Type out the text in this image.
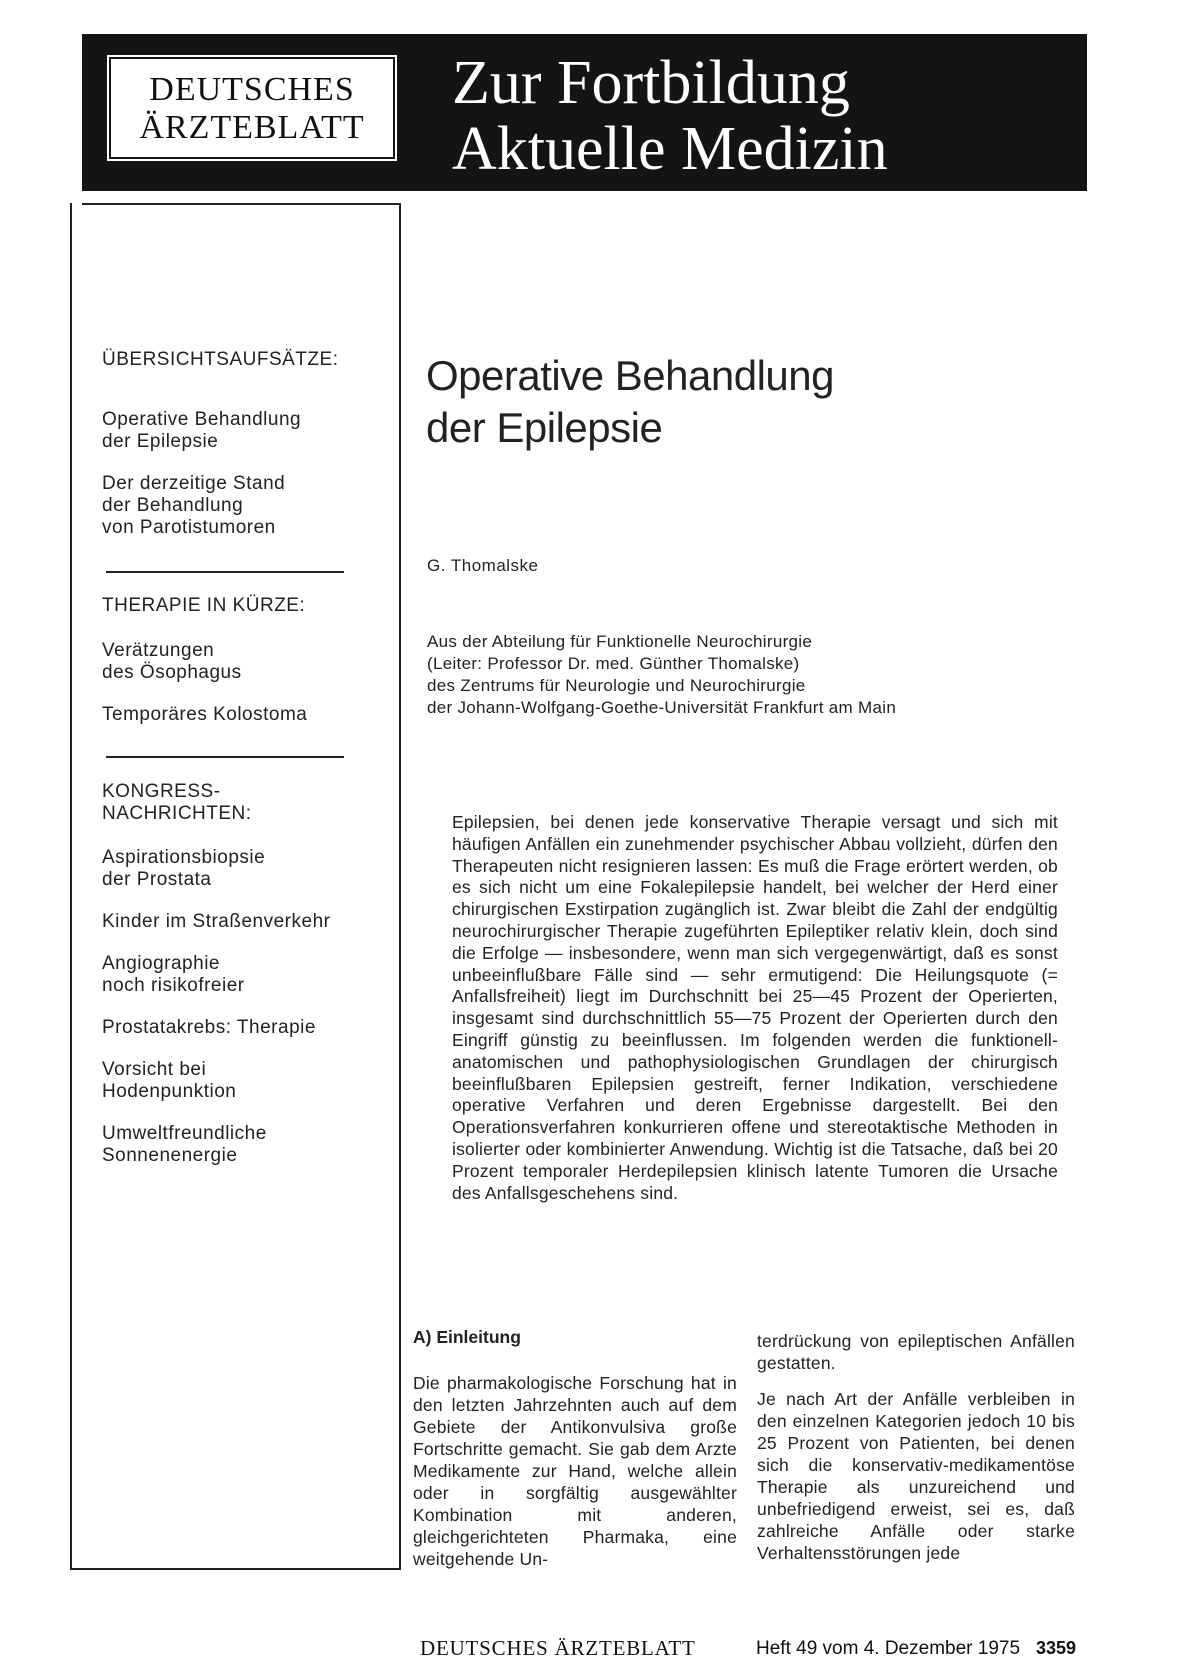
DEUTSCHES
ÄRZTEBLATT
Zur Fortbildung
Aktuelle Medizin
ÜBERSICHTSAUFSÄTZE:
Operative Behandlung
der Epilepsie
Der derzeitige Stand
der Behandlung
von Parotistumoren
THERAPIE IN KÜRZE:
Verätzungen
des Ösophagus
Temporäres Kolostoma
KONGRESS-
NACHRICHTEN:
Aspirationsbiopsie
der Prostata
Kinder im Straßenverkehr
Angiographie
noch risikofreier
Prostatakrebs: Therapie
Vorsicht bei
Hodenpunktion
Umweltfreundliche
Sonnenenergie
Operative Behandlung
der Epilepsie
G. Thomalske
Aus der Abteilung für Funktionelle Neurochirurgie
(Leiter: Professor Dr. med. Günther Thomalske)
des Zentrums für Neurologie und Neurochirurgie
der Johann-Wolfgang-Goethe-Universität Frankfurt am Main
Epilepsien, bei denen jede konservative Therapie versagt und sich mit häufigen Anfällen ein zunehmender psychischer Abbau vollzieht, dürfen den Therapeuten nicht resignieren lassen: Es muß die Frage erörtert werden, ob es sich nicht um eine Fokalepilepsie handelt, bei welcher der Herd einer chirurgischen Exstirpation zugänglich ist. Zwar bleibt die Zahl der endgültig neurochirurgischer Therapie zugeführten Epileptiker relativ klein, doch sind die Erfolge — insbesondere, wenn man sich vergegenwärtigt, daß es sonst unbeeinflußbare Fälle sind — sehr ermutigend: Die Heilungsquote (= Anfallsfreiheit) liegt im Durchschnitt bei 25—45 Prozent der Operierten, insgesamt sind durchschnittlich 55—75 Prozent der Operierten durch den Eingriff günstig zu beeinflussen. Im folgenden werden die funktionell-anatomischen und pathophysiologischen Grundlagen der chirurgisch beeinflußbaren Epilepsien gestreift, ferner Indikation, verschiedene operative Verfahren und deren Ergebnisse dargestellt. Bei den Operationsverfahren konkurrieren offene und stereotaktische Methoden in isolierter oder kombinierter Anwendung. Wichtig ist die Tatsache, daß bei 20 Prozent temporaler Herdepilepsien klinisch latente Tumoren die Ursache des Anfallsgeschehens sind.
A) Einleitung

Die pharmakologische Forschung hat in den letzten Jahrzehnten auch auf dem Gebiete der Antikonvulsiva große Fortschritte gemacht. Sie gab dem Arzte Medikamente zur Hand, welche allein oder in sorgfältig ausgewählter Kombination mit anderen, gleichgerichteten Pharmaka, eine weitgehende Un-

terdrückung von epileptischen Anfällen gestatten.

Je nach Art der Anfälle verbleiben in den einzelnen Kategorien jedoch 10 bis 25 Prozent von Patienten, bei denen sich die konservativ-medikamentöse Therapie als unzureichend und unbefriedigend erweist, sei es, daß zahlreiche Anfälle oder starke Verhaltensstörungen jede

DEUTSCHES ÄRZTEBLATT	Heft 49 vom 4. Dezember 1975 3359
